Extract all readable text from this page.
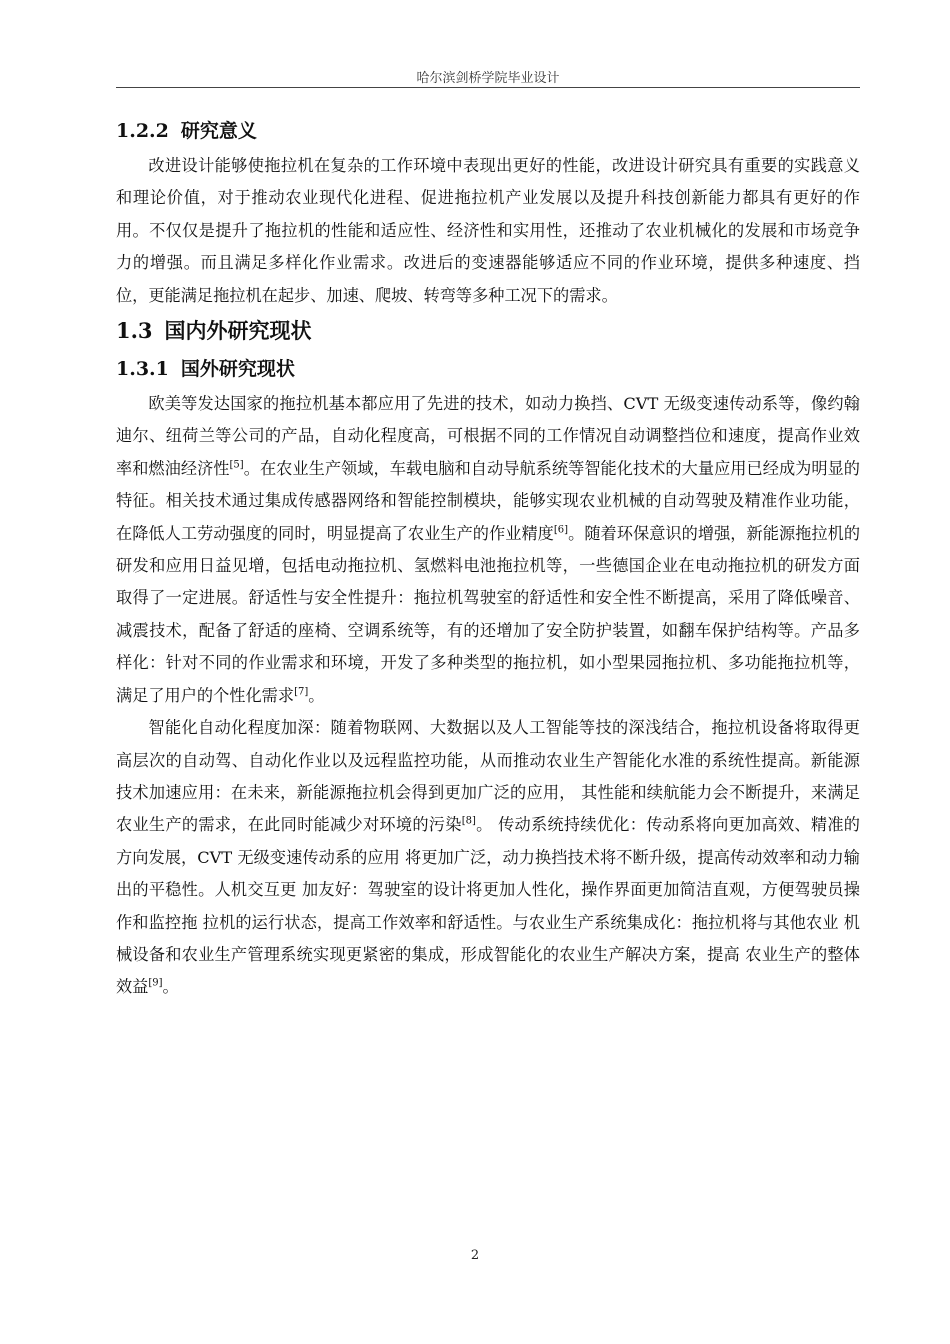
哈尔滨剑桥学院毕业设计
1.2.2 研究意义

改进设计能够使拖拉机在复杂的工作环境中表现出更好的性能，改进设计研究具有重要的实践意义和理论价值，对于推动农业现代化进程、促进拖拉机产业发展以及提升科技创新能力都具有更好的作用。不仅仅是提升了拖拉机的性能和适应性、经济性和实用性，还推动了农业机械化的发展和市场竞争力的增强。而且满足多样化作业需求。改进后的变速器能够适应不同的作业环境，提供多种速度、挡位，更能满足拖拉机在起步、加速、爬坡、转弯等多种工况下的需求。

1.3 国内外研究现状
1.3.1 国外研究现状

欧美等发达国家的拖拉机基本都应用了先进的技术，如动力换挡、CVT 无级变速传动系等，像约翰迪尔、纽荷兰等公司的产品，自动化程度高，可根据不同的工作情况自动调整挡位和速度，提高作业效率和燃油经济性[5]。在农业生产领域，车载电脑和自动导航系统等智能化技术的大量应用已经成为明显的特征。相关技术通过集成传感器网络和智能控制模块，能够实现农业机械的自动驾驶及精准作业功能，在降低人工劳动强度的同时，明显提高了农业生产的作业精度[6]。随着环保意识的增强，新能源拖拉机的研发和应用日益见增，包括电动拖拉机、氢燃料电池拖拉机等，一些德国企业在电动拖拉机的研发方面取得了一定进展。舒适性与安全性提升：拖拉机驾驶室的舒适性和安全性不断提高，采用了降低噪音、减震技术，配备了舒适的座椅、空调系统等，有的还增加了安全防护装置，如翻车保护结构等。产品多样化：针对不同的作业需求和环境，开发了多种类型的拖拉机，如小型果园拖拉机、多功能拖拉机等，满足了用户的个性化需求[7]。

智能化自动化程度加深：随着物联网、大数据以及人工智能等技的深浅结合，拖拉机设备将取得更高层次的自动驾、自动化作业以及远程监控功能，从而推动农业生产智能化水准的系统性提高。新能源技术加速应用：在未来，新能源拖拉机会得到更加广泛的应用， 其性能和续航能力会不断提升，来满足农业生产的需求，在此同时能减少对环境的污染[8]。 传动系统持续优化：传动系将向更加高效、精准的方向发展，CVT 无级变速传动系的应用 将更加广泛，动力换挡技术将不断升级，提高传动效率和动力输出的平稳性。人机交互更 加友好：驾驶室的设计将更加人性化，操作界面更加简洁直观，方便驾驶员操作和监控拖 拉机的运行状态，提高工作效率和舒适性。与农业生产系统集成化：拖拉机将与其他农业 机械设备和农业生产管理系统实现更紧密的集成，形成智能化的农业生产解决方案，提高 农业生产的整体效益[9]。

2
